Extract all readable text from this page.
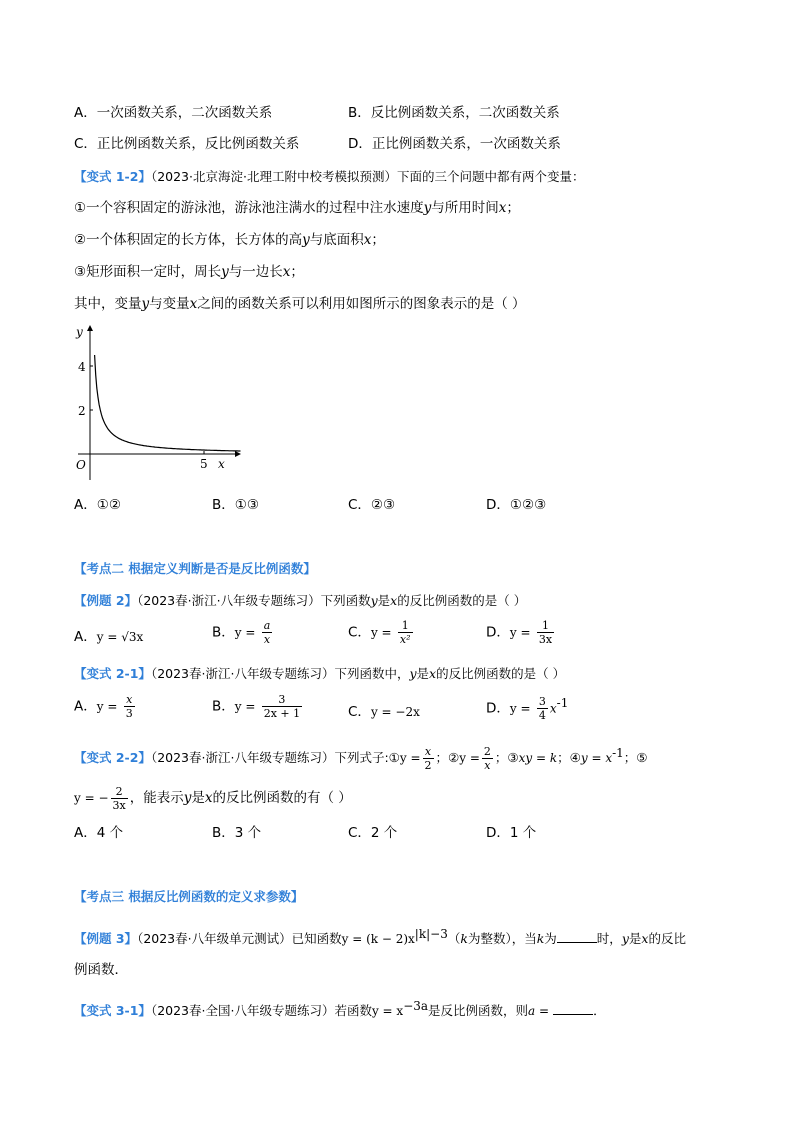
A．一次函数关系，二次函数关系	B．反比例函数关系，二次函数关系
C．正比例函数关系，反比例函数关系	D．正比例函数关系，一次函数关系
【变式 1-2】（2023·北京海淀·北理工附中校考模拟预测）下面的三个问题中都有两个变量：
①一个容积固定的游泳池，游泳池注满水的过程中注水速度y与所用时间x；
②一个体积固定的长方体，长方体的高y与底面积x；
③矩形面积一定时，周长y与一边长x；
其中，变量y与变量x之间的函数关系可以利用如图所示的图象表示的是（ ）
y
x
O
4
2
5
A．①②	B．①③	C．②③	D．①②③
【考点二 根据定义判断是否是反比例函数】
【例题 2】（2023春·浙江·八年级专题练习）下列函数y是x的反比例函数的是（ ）
A．y = √3x	B．$y = \frac{a}{x}$	C．$y = \frac{1}{\text{x²}}$	D．$y = \frac{1}{3x}$
【变式 2-1】（2023春·浙江·八年级专题练习）下列函数中，y是x的反比例函数的是（ ）
A．$y = \frac{x}{3}$	B．$y = \frac{3}{2x + 1}$	C．y = −2x	D．$y = \frac{3}{4} x^{-1}$
【变式 2-2】（2023春·浙江·八年级专题练习）下列式子:①y = $\frac{x}{2}$ ；②y = $\frac{2}{x}$ ；③xy = k；④y = $x^{-1}$；⑤
y = − $\frac{2}{3x}$ ，能表示y是x的反比例函数的有（ ）
A．4 个	B．3 个	C．2 个	D．1 个
【考点三 根据反比例函数的定义求参数】
【例题 3】（2023春·八年级单元测试）已知函数$y = (k - 2)x^{|k|-3}(k$为整数），当k为	时，y是x的反比
例函数．
【变式 3-1】（2023春·全国·八年级专题练习）若函数$y = x^{-3a}$是反比例函数，则a =	．
